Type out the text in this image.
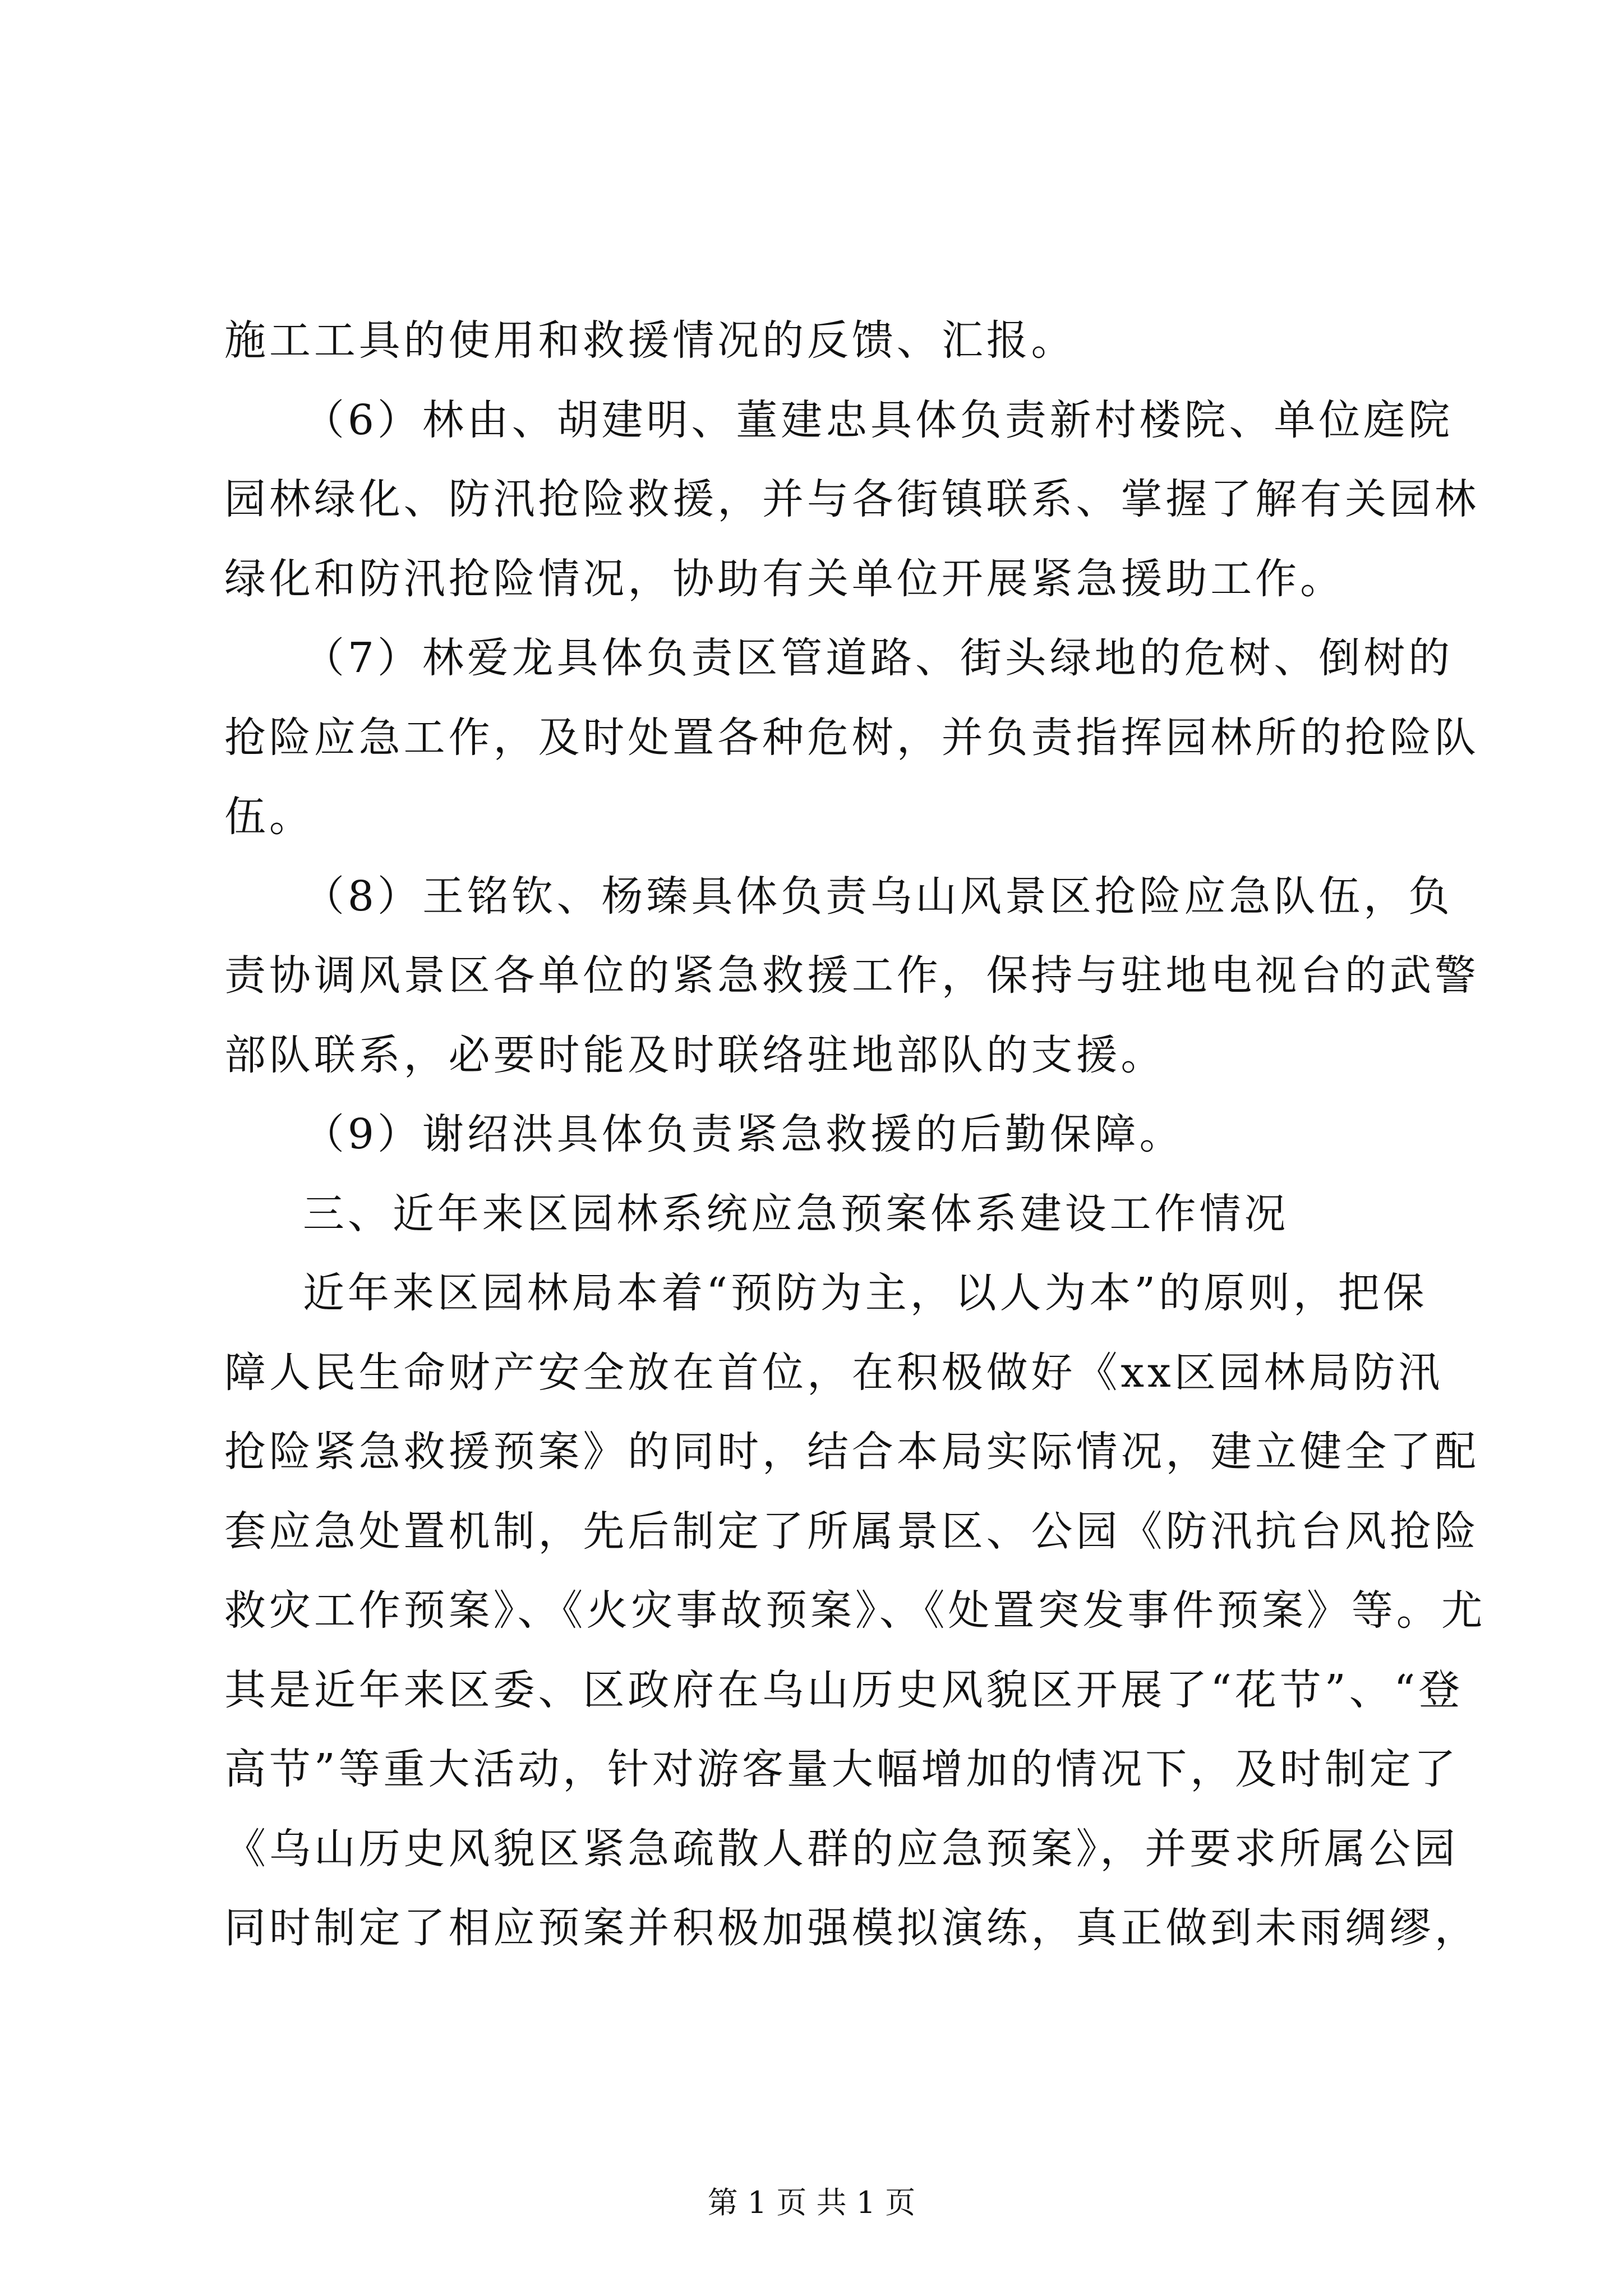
施工工具的使用和救援情况的反馈、汇报。
（6）林由、胡建明、董建忠具体负责新村楼院、单位庭院
园林绿化、防汛抢险救援，并与各街镇联系、掌握了解有关园林
绿化和防汛抢险情况，协助有关单位开展紧急援助工作。
（7）林爱龙具体负责区管道路、街头绿地的危树、倒树的
抢险应急工作，及时处置各种危树，并负责指挥园林所的抢险队
伍。
（8）王铭钦、杨臻具体负责乌山风景区抢险应急队伍，负
责协调风景区各单位的紧急救援工作，保持与驻地电视台的武警
部队联系，必要时能及时联络驻地部队的支援。
（9）谢绍洪具体负责紧急救援的后勤保障。
三、近年来区园林系统应急预案体系建设工作情况
近年来区园林局本着“预防为主，以人为本”的原则，把保
障人民生命财产安全放在首位，在积极做好《xx区园林局防汛
抢险紧急救援预案》的同时，结合本局实际情况，建立健全了配
套应急处置机制，先后制定了所属景区、公园《防汛抗台风抢险
救灾工作预案》、《火灾事故预案》、《处置突发事件预案》等。尤
其是近年来区委、区政府在乌山历史风貌区开展了“花节”、“登
高节”等重大活动，针对游客量大幅增加的情况下，及时制定了
《乌山历史风貌区紧急疏散人群的应急预案》，并要求所属公园
同时制定了相应预案并积极加强模拟演练，真正做到未雨绸缪，
第 1 页 共 1 页
